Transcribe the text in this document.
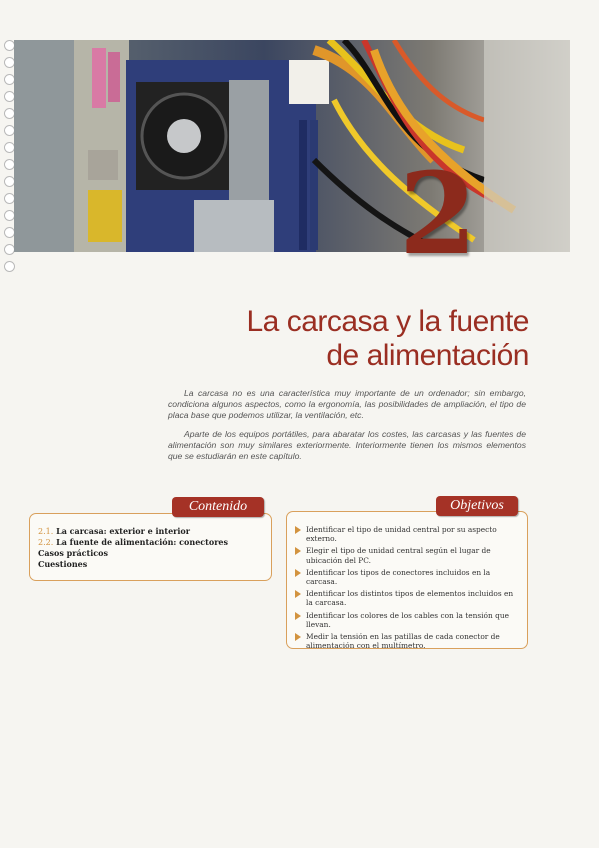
2
La carcasa y la fuente
de alimentación

La carcasa no es una característica muy importante de un ordenador; sin embargo, condiciona algunos aspectos, como la ergonomía, las posibilidades de ampliación, el tipo de placa base que podemos utilizar, la ventilación, etc.

Aparte de los equipos portátiles, para abaratar los costes, las carcasas y las fuentes de alimentación son muy similares exteriormente. Interiormente tienen los mismos elementos que se estudiarán en este capítulo.

Contenido
2.1. La carcasa: exterior e interior
2.2. La fuente de alimentación: conectores
Casos prácticos
Cuestiones
Objetivos
Identificar el tipo de unidad central por su aspecto externo.
Elegir el tipo de unidad central según el lugar de ubicación del PC.
Identificar los tipos de conectores incluidos en la carcasa.
Identificar los distintos tipos de elementos incluidos en la carcasa.
Identificar los colores de los cables con la tensión que llevan.
Medir la tensión en las patillas de cada conector de alimentación con el multímetro.
